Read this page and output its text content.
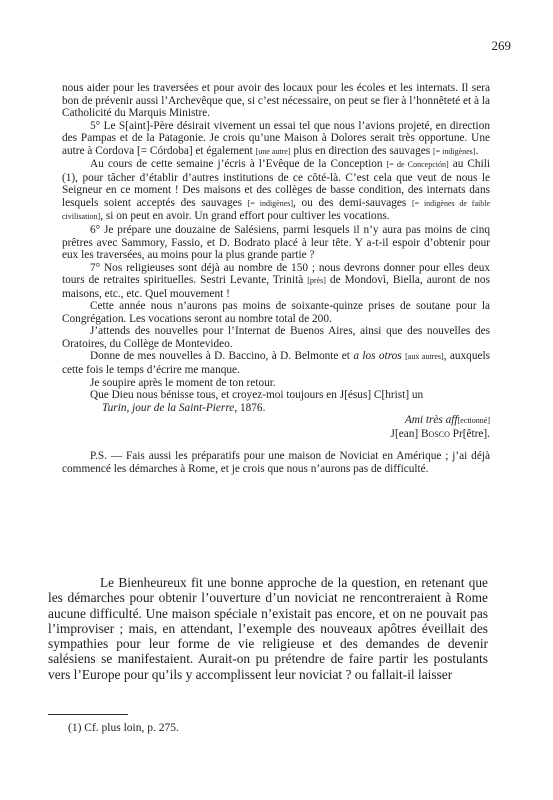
269

nous aider pour les traversées et pour avoir des locaux pour les écoles et les internats. Il sera bon de prévenir aussi l’Archevêque que, si c’est nécessaire, on peut se fier à l’honnêteté et à la Catholicité du Marquis Ministre.

5° Le S[aint]-Père désirait vivement un essai tel que nous l’avions projeté, en direction des Pampas et de la Patagonie. Je crois qu’une Maison à Dolores serait très opportune. Une autre à Cordova [= Córdoba] et également [une autre] plus en direction des sauvages [= indigènes].

Au cours de cette semaine j’écris à l’Evêque de la Conception [= de Concepción] au Chili (1), pour tâcher d’établir d’autres institutions de ce côté-là. C’est cela que veut de nous le Seigneur en ce moment ! Des maisons et des collèges de basse condition, des internats dans lesquels soient acceptés des sauvages [= indigènes], ou des demi-sauvages [= indigènes de faible civilisation], si on peut en avoir. Un grand effort pour cultiver les vocations.

6° Je prépare une douzaine de Salésiens, parmi lesquels il n’y aura pas moins de cinq prêtres avec Sammory, Fassio, et D. Bodrato placé à leur tête. Y a-t-il espoir d’obtenir pour eux les traversées, au moins pour la plus grande partie ?

7° Nos religieuses sont déjà au nombre de 150 ; nous devrons donner pour elles deux tours de retraites spirituelles. Sestri Levante, Trinità [près] de Mondovì, Biella, auront de nos maisons, etc., etc. Quel mouvement !

Cette année nous n’aurons pas moins de soixante-quinze prises de soutane pour la Congrégation. Les vocations seront au nombre total de 200.

J’attends des nouvelles pour l’Internat de Buenos Aires, ainsi que des nouvelles des Oratoires, du Collège de Montevideo.

Donne de mes nouvelles à D. Baccino, à D. Belmonte et a los otros [aux autres], auxquels cette fois le temps d’écrire me manque.

Je soupire après le moment de ton retour.

Que Dieu nous bénisse tous, et croyez-moi toujours en J[ésus] C[hrist] un

Turin, jour de la Saint-Pierre, 1876.

Ami très aff[ectionné]

J[ean] Bosco Pr[être].

P.S. — Fais aussi les préparatifs pour une maison de Noviciat en Amérique ; j’ai déjà commencé les démarches à Rome, et je crois que nous n’aurons pas de difficulté.

Le Bienheureux fit une bonne approche de la question, en retenant que les démarches pour obtenir l’ouverture d’un noviciat ne rencontreraient à Rome aucune difficulté. Une maison spéciale n’existait pas encore, et on ne pouvait pas l’improviser ; mais, en attendant, l’exemple des nouveaux apôtres éveillait des sympathies pour leur forme de vie religieuse et des demandes de devenir salésiens se manifestaient. Aurait-on pu prétendre de faire partir les postulants vers l’Europe pour qu’ils y accomplissent leur noviciat ? ou fallait-il laisser

(1) Cf. plus loin, p. 275.
